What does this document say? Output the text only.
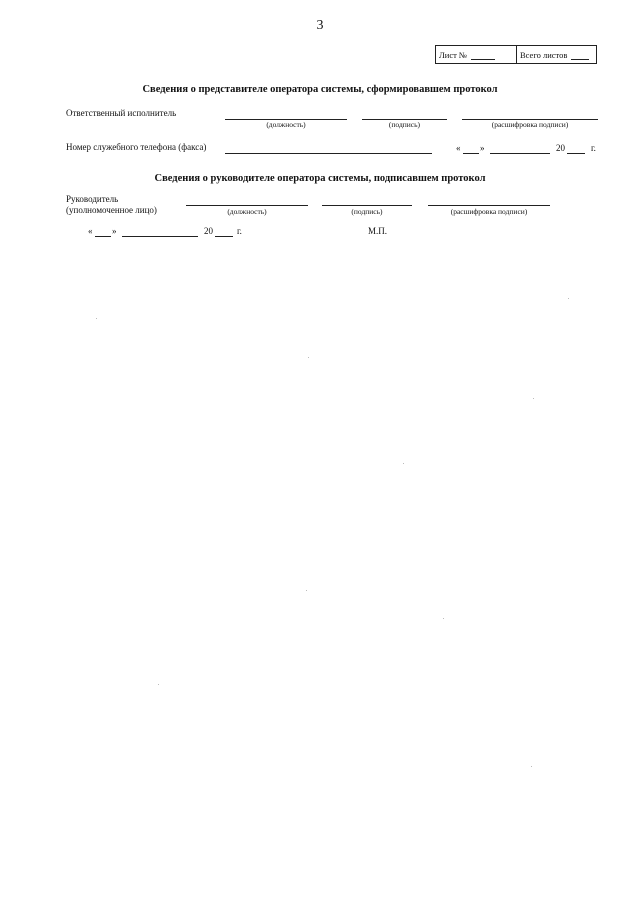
3
Лист №	Всего листов
Сведения о представителе оператора системы, сформировавшем протокол
Ответственный исполнитель
(должность)	(подпись)	(расшифровка подписи)
Номер служебного телефона (факса)	« »	20	г.
Сведения о руководителе оператора системы, подписавшем протокол
Руководитель
(уполномоченное лицо)	(должность)	(подпись)	(расшифровка подписи)
« »	20	г.	М.П.
